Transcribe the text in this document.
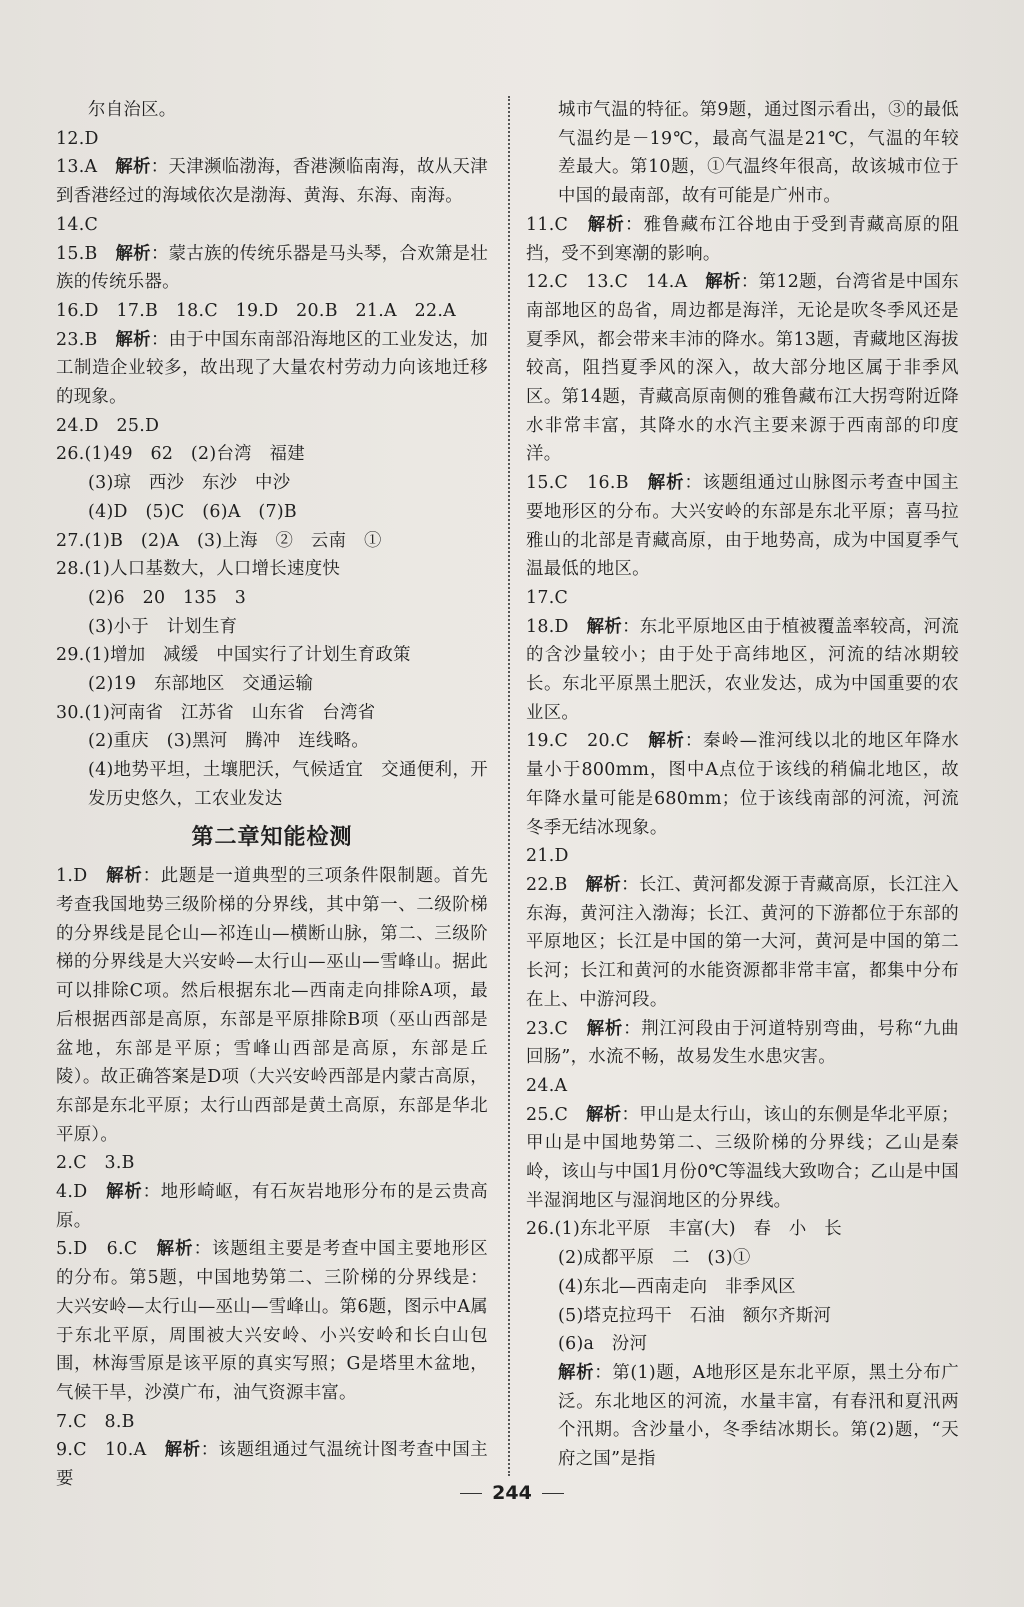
尔自治区。

12.D

13.A　解析：天津濒临渤海，香港濒临南海，故从天津到香港经过的海域依次是渤海、黄海、东海、南海。

14.C

15.B　解析：蒙古族的传统乐器是马头琴，合欢箫是壮族的传统乐器。

16.D　17.B　18.C　19.D　20.B　21.A　22.A

23.B　解析：由于中国东南部沿海地区的工业发达，加工制造企业较多，故出现了大量农村劳动力向该地迁移的现象。

24.D　25.D

26.(1)49　62　(2)台湾　福建

(3)琼　西沙　东沙　中沙

(4)D　(5)C　(6)A　(7)B

27.(1)B　(2)A　(3)上海　②　云南　①

28.(1)人口基数大，人口增长速度快

(2)6　20　135　3

(3)小于　计划生育

29.(1)增加　减缓　中国实行了计划生育政策

(2)19　东部地区　交通运输

30.(1)河南省　江苏省　山东省　台湾省

(2)重庆　(3)黑河　腾冲　连线略。

(4)地势平坦，土壤肥沃，气候适宜　交通便利，开发历史悠久，工农业发达

第二章知能检测

1.D　解析：此题是一道典型的三项条件限制题。首先考查我国地势三级阶梯的分界线，其中第一、二级阶梯的分界线是昆仑山—祁连山—横断山脉，第二、三级阶梯的分界线是大兴安岭—太行山—巫山—雪峰山。据此可以排除C项。然后根据东北—西南走向排除A项，最后根据西部是高原，东部是平原排除B项（巫山西部是盆地，东部是平原；雪峰山西部是高原，东部是丘陵）。故正确答案是D项（大兴安岭西部是内蒙古高原，东部是东北平原；太行山西部是黄土高原，东部是华北平原）。

2.C　3.B

4.D　解析：地形崎岖，有石灰岩地形分布的是云贵高原。

5.D　6.C　解析：该题组主要是考查中国主要地形区的分布。第5题，中国地势第二、三阶梯的分界线是：大兴安岭—太行山—巫山—雪峰山。第6题，图示中A属于东北平原，周围被大兴安岭、小兴安岭和长白山包围，林海雪原是该平原的真实写照；G是塔里木盆地，气候干旱，沙漠广布，油气资源丰富。

7.C　8.B

9.C　10.A　解析：该题组通过气温统计图考查中国主要

城市气温的特征。第9题，通过图示看出，③的最低气温约是－19℃，最高气温是21℃，气温的年较差最大。第10题，①气温终年很高，故该城市位于中国的最南部，故有可能是广州市。

11.C　解析：雅鲁藏布江谷地由于受到青藏高原的阻挡，受不到寒潮的影响。

12.C　13.C　14.A　解析：第12题，台湾省是中国东南部地区的岛省，周边都是海洋，无论是吹冬季风还是夏季风，都会带来丰沛的降水。第13题，青藏地区海拔较高，阻挡夏季风的深入，故大部分地区属于非季风区。第14题，青藏高原南侧的雅鲁藏布江大拐弯附近降水非常丰富，其降水的水汽主要来源于西南部的印度洋。

15.C　16.B　解析：该题组通过山脉图示考查中国主要地形区的分布。大兴安岭的东部是东北平原；喜马拉雅山的北部是青藏高原，由于地势高，成为中国夏季气温最低的地区。

17.C

18.D　解析：东北平原地区由于植被覆盖率较高，河流的含沙量较小；由于处于高纬地区，河流的结冰期较长。东北平原黑土肥沃，农业发达，成为中国重要的农业区。

19.C　20.C　解析：秦岭—淮河线以北的地区年降水量小于800mm，图中A点位于该线的稍偏北地区，故年降水量可能是680mm；位于该线南部的河流，河流冬季无结冰现象。

21.D

22.B　解析：长江、黄河都发源于青藏高原，长江注入东海，黄河注入渤海；长江、黄河的下游都位于东部的平原地区；长江是中国的第一大河，黄河是中国的第二长河；长江和黄河的水能资源都非常丰富，都集中分布在上、中游河段。

23.C　解析：荆江河段由于河道特别弯曲，号称“九曲回肠”，水流不畅，故易发生水患灾害。

24.A

25.C　解析：甲山是太行山，该山的东侧是华北平原；甲山是中国地势第二、三级阶梯的分界线；乙山是秦岭，该山与中国1月份0℃等温线大致吻合；乙山是中国半湿润地区与湿润地区的分界线。

26.(1)东北平原　丰富(大)　春　小　长

(2)成都平原　二　(3)①

(4)东北—西南走向　非季风区

(5)塔克拉玛干　石油　额尔齐斯河

(6)a　汾河

解析：第(1)题，A地形区是东北平原，黑土分布广泛。东北地区的河流，水量丰富，有春汛和夏汛两个汛期。含沙量小，冬季结冰期长。第(2)题，“天府之国”是指

244
